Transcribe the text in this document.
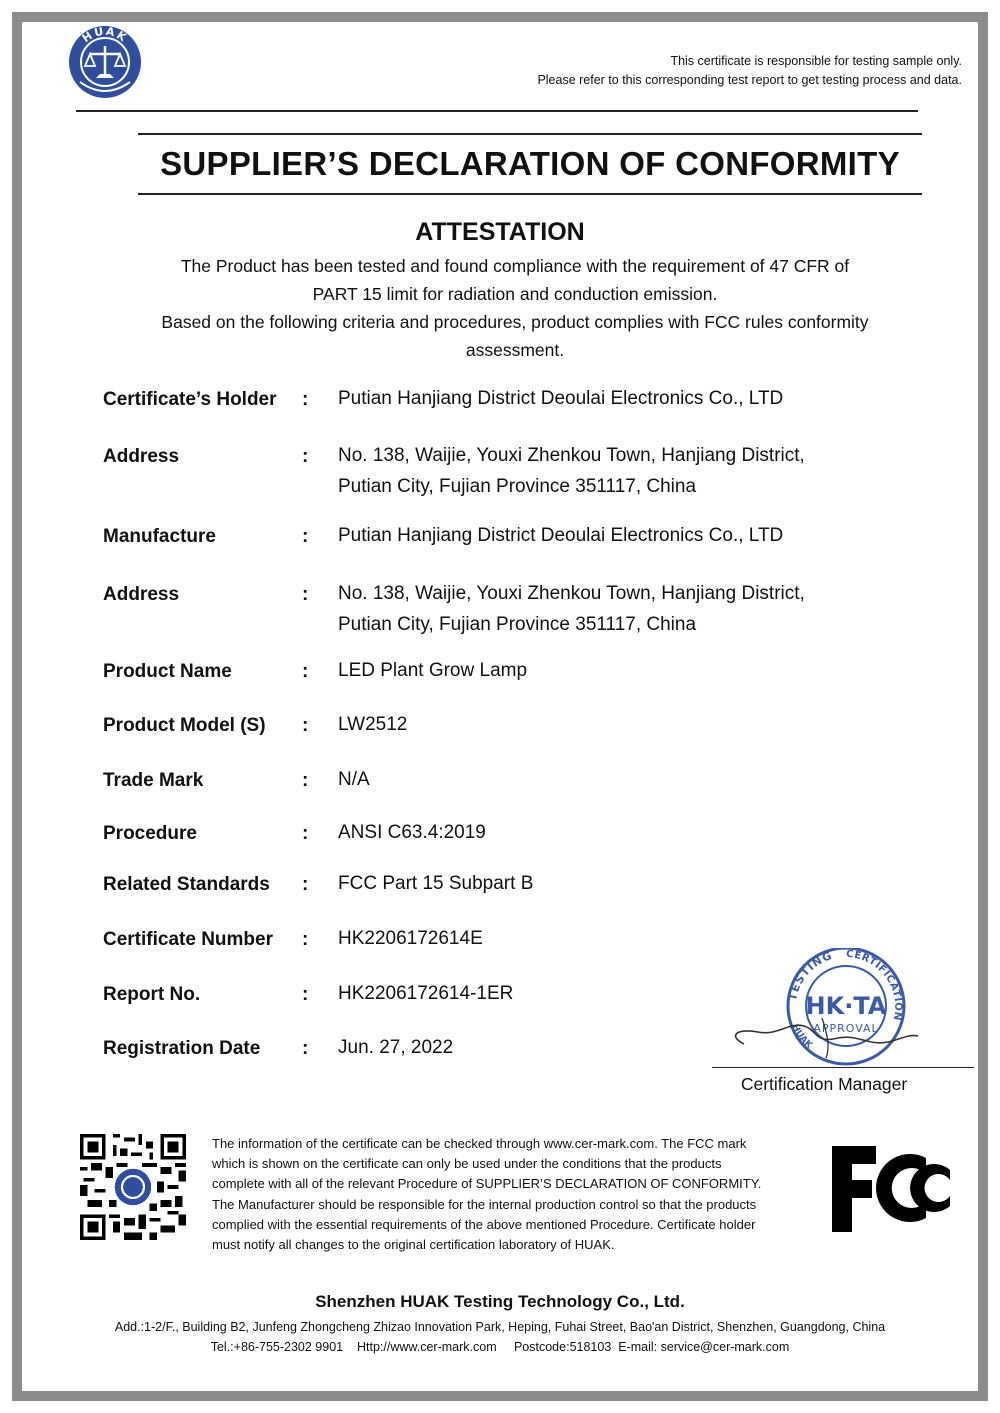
HUAK
This certificate is responsible for testing sample only.
Please refer to this corresponding test report to get testing process and data.
SUPPLIER’S DECLARATION OF CONFORMITY
ATTESTATION
The Product has been tested and found compliance with the requirement of 47 CFR of
PART 15 limit for radiation and conduction emission.
Based on the following criteria and procedures, product complies with FCC rules conformity
assessment.
Certificate’s Holder : Putian Hanjiang District Deoulai Electronics Co., LTD
Address	: No. 138, Waijie, Youxi Zhenkou Town, Hanjiang District,
Putian City, Fujian Province 351117, China
Manufacture	: Putian Hanjiang District Deoulai Electronics Co., LTD
Address	: No. 138, Waijie, Youxi Zhenkou Town, Hanjiang District,
Putian City, Fujian Province 351117, China
Product Name	: LED Plant Grow Lamp
Product Model (S) : LW2512
Trade Mark	: N/A
Procedure	: ANSI C63.4:2019
Related Standards : FCC Part 15 Subpart B
Certificate Number : HK2206172614E
Report No.	: HK2206172614-1ER
Registration Date : Jun. 27, 2022
TESTING CERTIFICATION
HUAK
HK·TA
APPROVAL
Certification Manager
The information of the certificate can be checked through www.cer-mark.com. The FCC mark
which is shown on the certificate can only be used under the conditions that the products
complete with all of the relevant Procedure of SUPPLIER’S DECLARATION OF CONFORMITY.
The Manufacturer should be responsible for the internal production control so that the products
complied with the essential requirements of the above mentioned Procedure. Certificate holder
must notify all changes to the original certification laboratory of HUAK.
Shenzhen HUAK Testing Technology Co., Ltd.
Add.:1-2/F., Building B2, Junfeng Zhongcheng Zhizao Innovation Park, Heping, Fuhai Street, Bao'an District, Shenzhen, Guangdong, China
Tel.:+86-755-2302 9901    Http://www.cer-mark.com     Postcode:518103  E-mail: service@cer-mark.com
